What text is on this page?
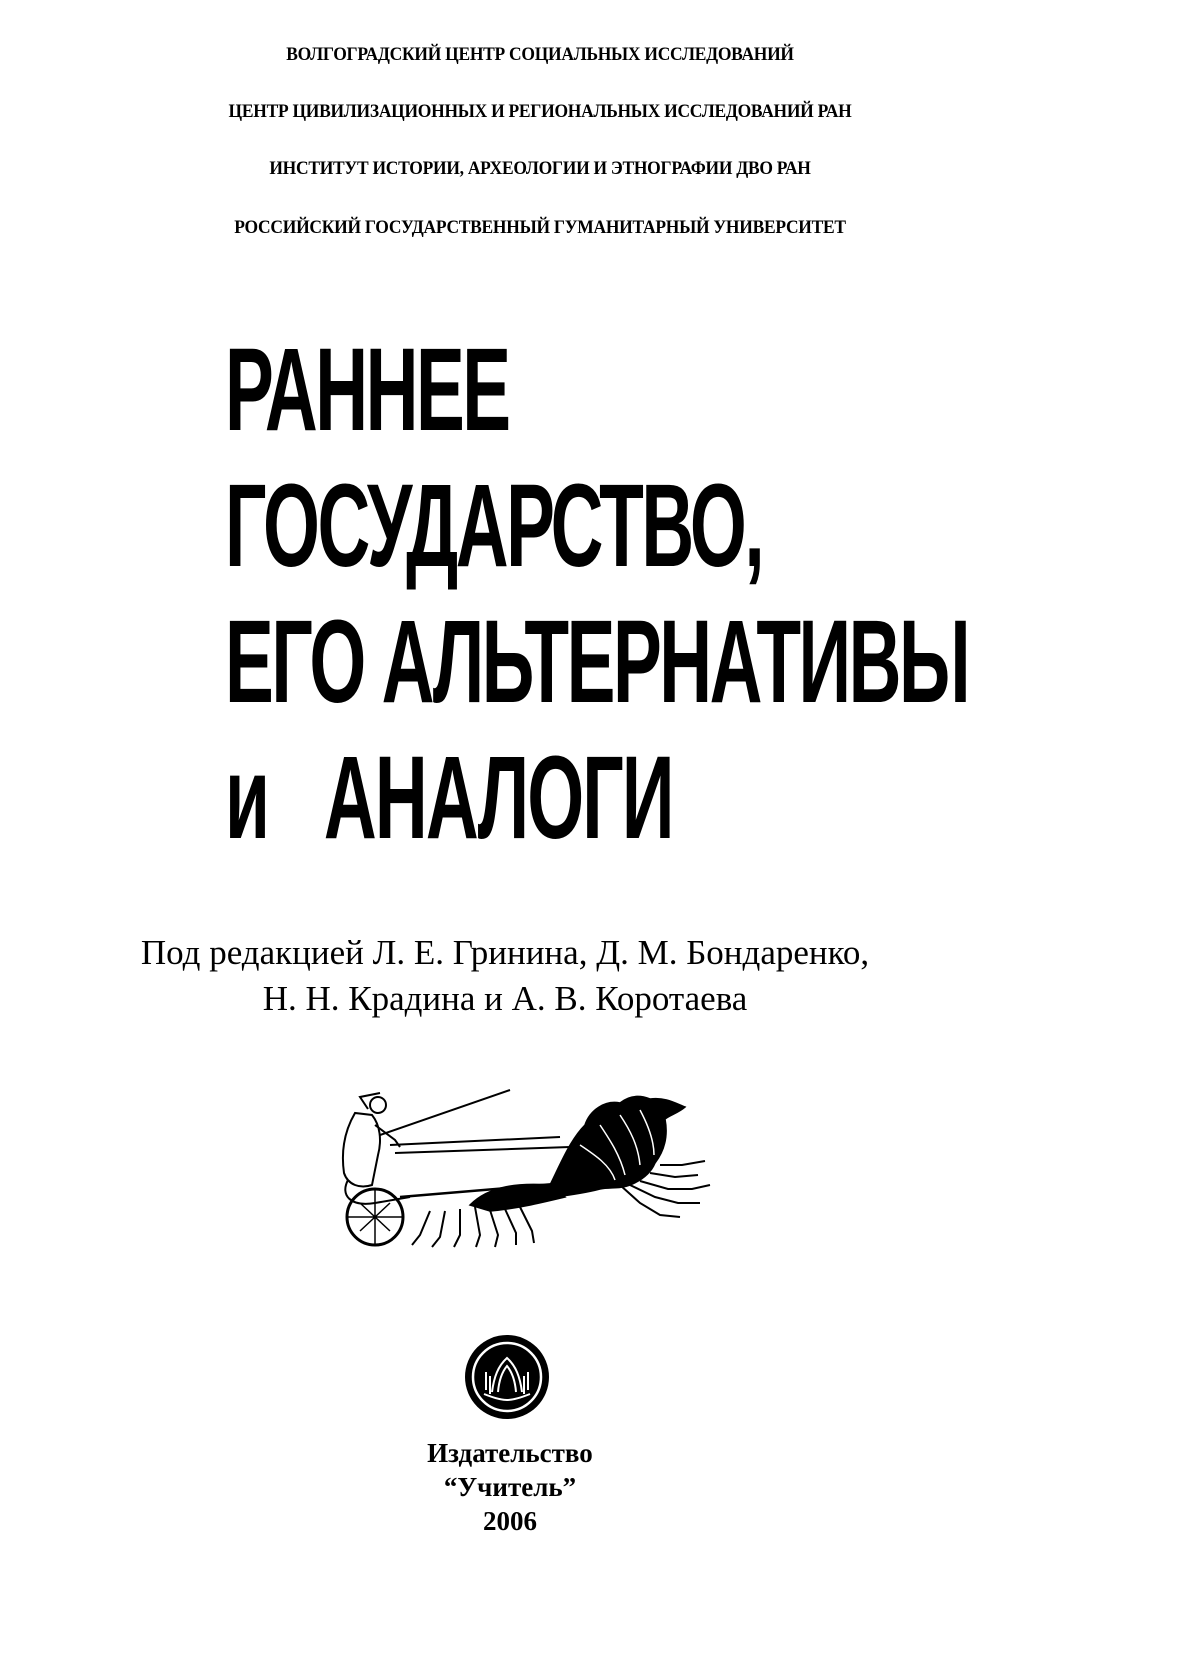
ВОЛГОГРАДСКИЙ ЦЕНТР СОЦИАЛЬНЫХ ИССЛЕДОВАНИЙ
ЦЕНТР ЦИВИЛИЗАЦИОННЫХ И РЕГИОНАЛЬНЫХ ИССЛЕДОВАНИЙ РАН
ИНСТИТУТ ИСТОРИИ, АРХЕОЛОГИИ И ЭТНОГРАФИИ ДВО РАН
РОССИЙСКИЙ ГОСУДАРСТВЕННЫЙ ГУМАНИТАРНЫЙ УНИВЕРСИТЕТ
РАННЕЕ
ГОСУДАРСТВО,
ЕГО АЛЬТЕРНАТИВЫ
и АНАЛОГИ
Под редакцией Л. Е. Гринина, Д. М. Бондаренко,
Н. Н. Крадина и А. В. Коротаева
Издательство
“Учитель”
2006
